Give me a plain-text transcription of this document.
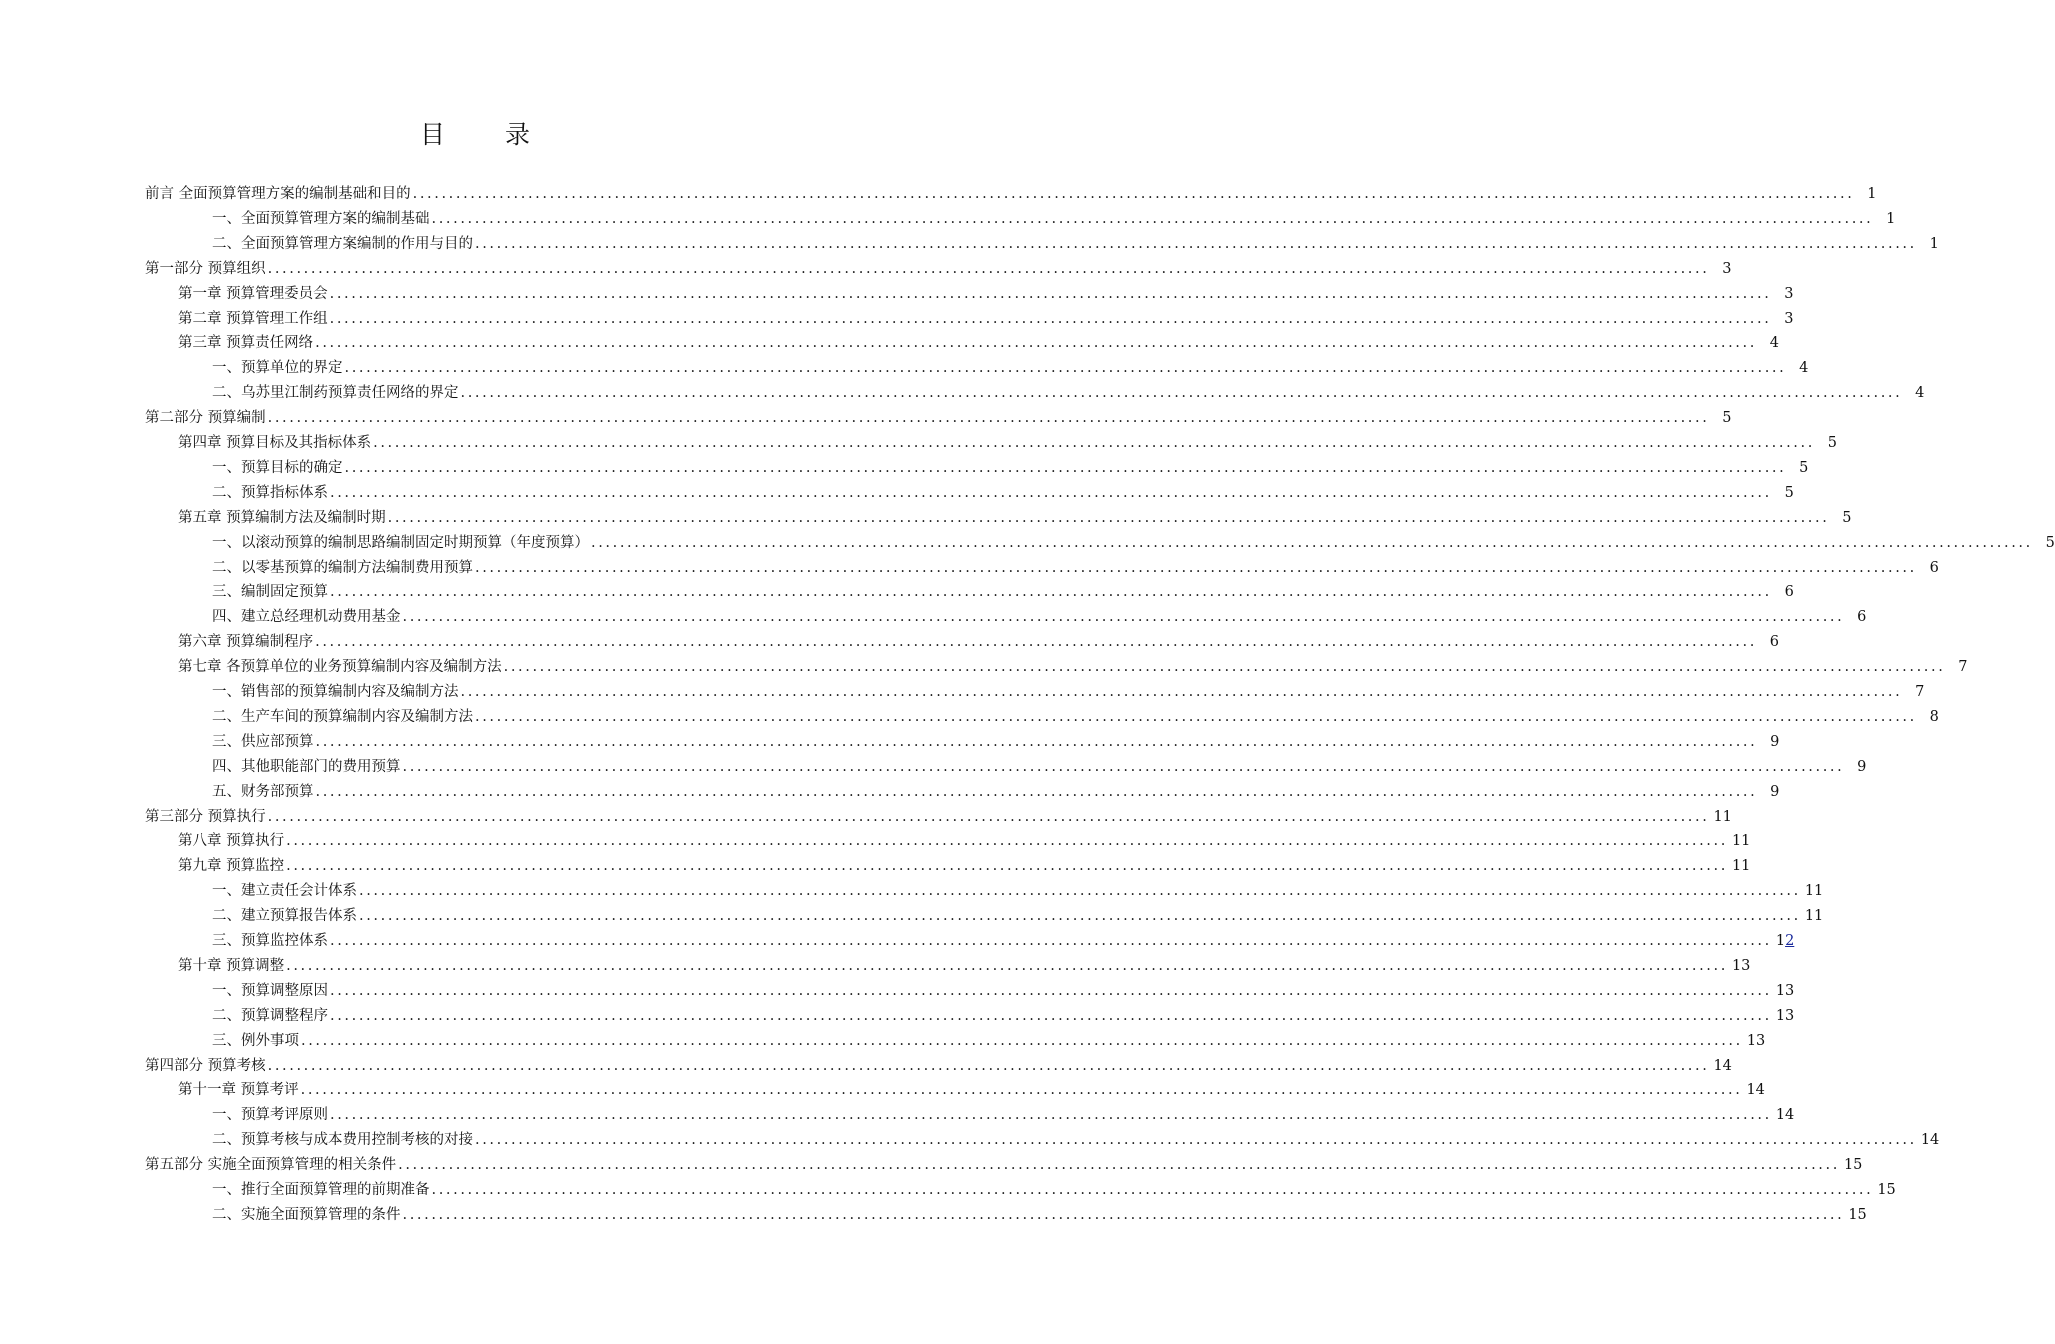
目 录
前言 全面预算管理方案的编制基础和目的 ........................................................................................................................................................................................................ 1
一、全面预算管理方案的编制基础 ........................................................................................................................................................................................................ 1
二、全面预算管理方案编制的作用与目的 ........................................................................................................................................................................................................ 1
第一部分 预算组织 ........................................................................................................................................................................................................ 3
第一章 预算管理委员会 ........................................................................................................................................................................................................ 3
第二章 预算管理工作组 ........................................................................................................................................................................................................ 3
第三章 预算责任网络 ........................................................................................................................................................................................................ 4
一、预算单位的界定 ........................................................................................................................................................................................................ 4
二、乌苏里江制药预算责任网络的界定 ........................................................................................................................................................................................................ 4
第二部分 预算编制 ........................................................................................................................................................................................................ 5
第四章 预算目标及其指标体系 ........................................................................................................................................................................................................ 5
一、预算目标的确定 ........................................................................................................................................................................................................ 5
二、预算指标体系 ........................................................................................................................................................................................................ 5
第五章 预算编制方法及编制时期 ........................................................................................................................................................................................................ 5
一、以滚动预算的编制思路编制固定时期预算（年度预算） ........................................................................................................................................................................................................ 5
二、以零基预算的编制方法编制费用预算 ........................................................................................................................................................................................................ 6
三、编制固定预算 ........................................................................................................................................................................................................ 6
四、建立总经理机动费用基金 ........................................................................................................................................................................................................ 6
第六章 预算编制程序 ........................................................................................................................................................................................................ 6
第七章 各预算单位的业务预算编制内容及编制方法 ........................................................................................................................................................................................................ 7
一、销售部的预算编制内容及编制方法 ........................................................................................................................................................................................................ 7
二、生产车间的预算编制内容及编制方法 ........................................................................................................................................................................................................ 8
三、供应部预算 ........................................................................................................................................................................................................ 9
四、其他职能部门的费用预算 ........................................................................................................................................................................................................ 9
五、财务部预算 ........................................................................................................................................................................................................ 9
第三部分 预算执行 ........................................................................................................................................................................................................ 11
第八章 预算执行 ........................................................................................................................................................................................................ 11
第九章 预算监控 ........................................................................................................................................................................................................ 11
一、建立责任会计体系 ........................................................................................................................................................................................................ 11
二、建立预算报告体系 ........................................................................................................................................................................................................ 11
三、预算监控体系 ........................................................................................................................................................................................................ 12
第十章 预算调整 ........................................................................................................................................................................................................ 13
一、预算调整原因 ........................................................................................................................................................................................................ 13
二、预算调整程序 ........................................................................................................................................................................................................ 13
三、例外事项 ........................................................................................................................................................................................................ 13
第四部分 预算考核 ........................................................................................................................................................................................................ 14
第十一章 预算考评 ........................................................................................................................................................................................................ 14
一、预算考评原则 ........................................................................................................................................................................................................ 14
二、预算考核与成本费用控制考核的对接 ........................................................................................................................................................................................................ 14
第五部分 实施全面预算管理的相关条件 ........................................................................................................................................................................................................ 15
一、推行全面预算管理的前期准备 ........................................................................................................................................................................................................ 15
二、实施全面预算管理的条件 ........................................................................................................................................................................................................ 15
